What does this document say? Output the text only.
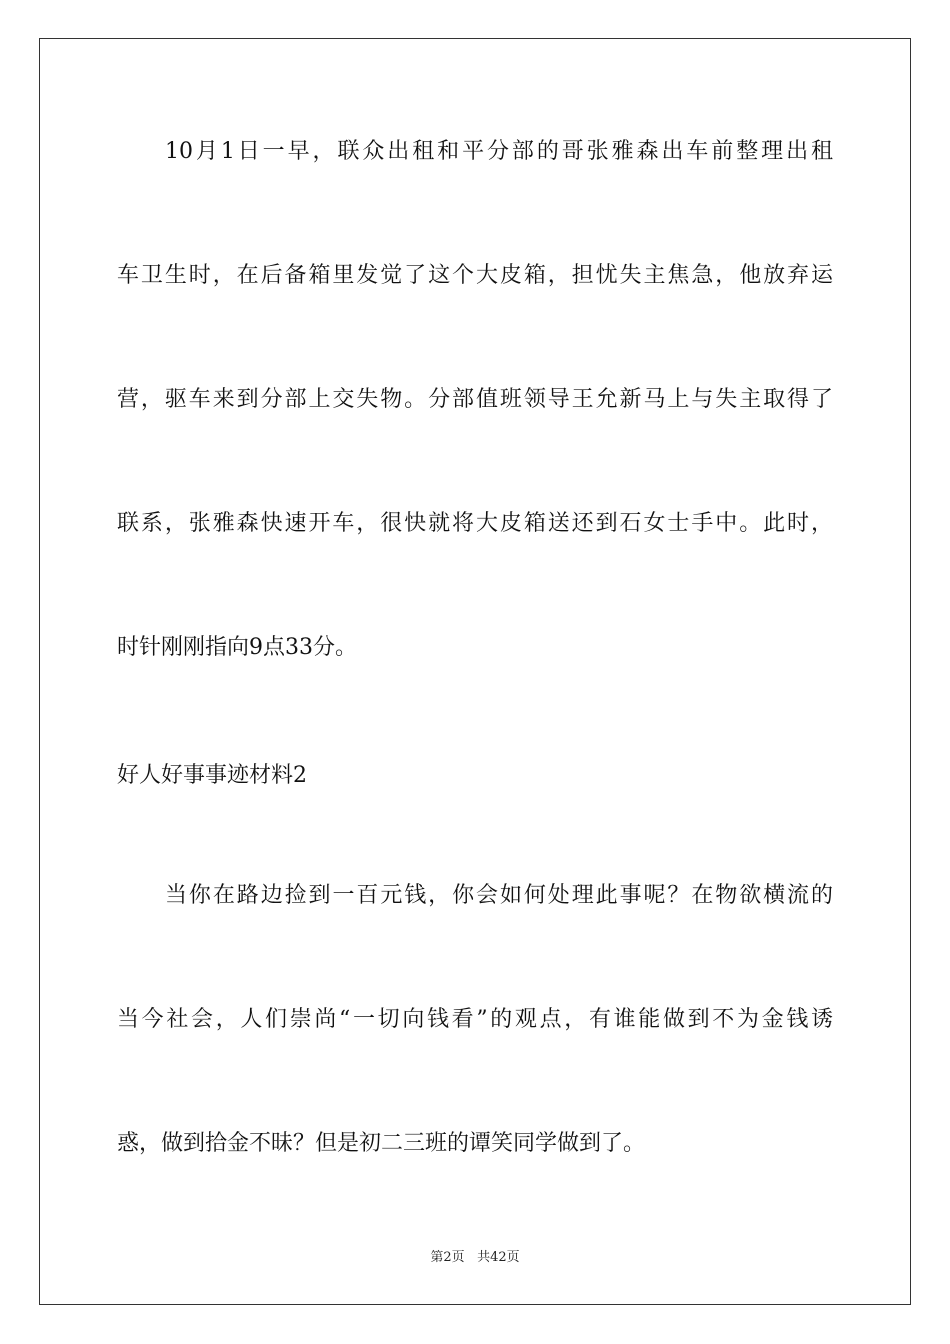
10月1日一早，联众出租和平分部的哥张雅森出车前整理出租
车卫生时，在后备箱里发觉了这个大皮箱，担忧失主焦急，他放弃运
营，驱车来到分部上交失物。分部值班领导王允新马上与失主取得了
联系，张雅森快速开车，很快就将大皮箱送还到石女士手中。此时，
时针刚刚指向9点33分。
好人好事事迹材料2
当你在路边捡到一百元钱，你会如何处理此事呢？在物欲横流的
当今社会，人们崇尚“一切向钱看”的观点，有谁能做到不为金钱诱
惑，做到拾金不昧？但是初二三班的谭笑同学做到了。
第2页 共42页
